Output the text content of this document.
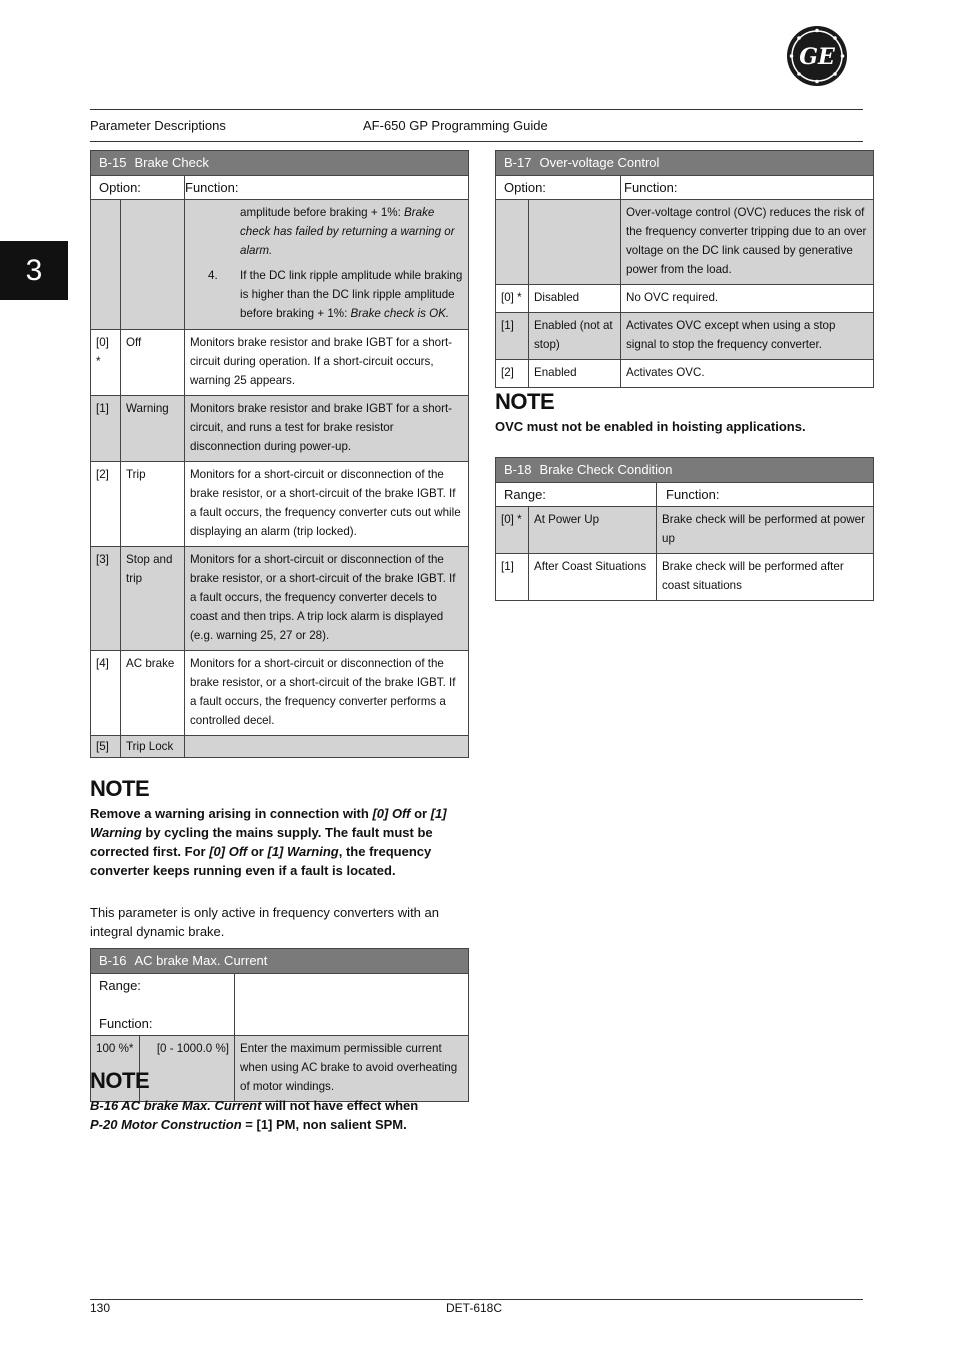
GE
Parameter Descriptions	AF-650 GP Programming Guide
3
B-15 Brake Check		
Option:		Function:

		amplitude before braking + 1%: Brake check has failed by returning a warning or alarm.
4. If the DC link ripple amplitude while braking is higher than the DC link ripple amplitude before braking + 1%: Brake check is OK.

[0] *	Off	Monitors brake resistor and brake IGBT for a short-circuit during operation. If a short-circuit occurs, warning 25 appears.
[1]	Warning	Monitors brake resistor and brake IGBT for a short-circuit, and runs a test for brake resistor disconnection during power-up.
[2]	Trip	Monitors for a short-circuit or disconnection of the brake resistor, or a short-circuit of the brake IGBT. If a fault occurs, the frequency converter cuts out while displaying an alarm (trip locked).
[3]	Stop and trip	Monitors for a short-circuit or disconnection of the brake resistor, or a short-circuit of the brake IGBT. If a fault occurs, the frequency converter decels to coast and then trips. A trip lock alarm is displayed (e.g. warning 25, 27 or 28).
[4]	AC brake	Monitors for a short-circuit or disconnection of the brake resistor, or a short-circuit of the brake IGBT. If a fault occurs, the frequency converter performs a controlled decel.
[5]	Trip Lock	
NOTE
Remove a warning arising in connection with [0] Off or [1] Warning by cycling the mains supply. The fault must be corrected first. For [0] Off or [1] Warning, the frequency converter keeps running even if a fault is located.
This parameter is only active in frequency converters with an integral dynamic brake.
B-16 AC brake Max. Current		
Range:Function:		
100 %*	[0 - 1000.0 %]	Enter the maximum permissible current when using AC brake to avoid overheating of motor windings.
NOTE
B-16 AC brake Max. Current will not have effect when
P-20 Motor Construction = [1] PM, non salient SPM.
B-17 Over-voltage Control		
Option:		Function:
		Over-voltage control (OVC) reduces the risk of the frequency converter tripping due to an over voltage on the DC link caused by generative power from the load.
[0] *	Disabled	No OVC required.
[1]	Enabled (not at stop)	Activates OVC except when using a stop signal to stop the frequency converter.
[2]	Enabled	Activates OVC.
NOTE
OVC must not be enabled in hoisting applications.
B-18 Brake Check Condition		
Range:		Function:
[0] *	At Power Up	Brake check will be performed at power up
[1]	After Coast Situations	Brake check will be performed after coast situations
130	DET-618C
